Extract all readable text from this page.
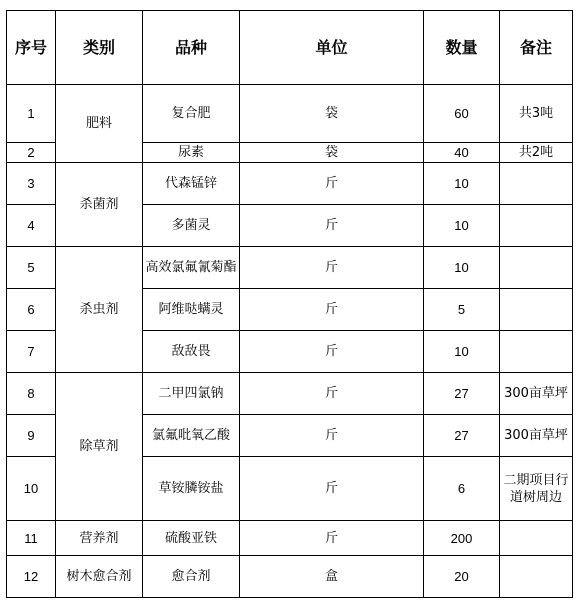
序号	类别	品种	单位	数量	备注
1	肥料	复合肥	袋	60	共3吨
2		尿素	袋	40	共2吨
3	杀菌剂	代森锰锌	斤	10	
4		多菌灵	斤	10	
5	杀虫剂	高效氯氟氰菊酯	斤	10	
6		阿维哒螨灵	斤	5	
7		敌敌畏	斤	10	
8	除草剂	二甲四氯钠	斤	27	300亩草坪
9		氯氟吡氧乙酸	斤	27	300亩草坪
10		草铵膦铵盐	斤	6	二期项目行道树周边
11	营养剂	硫酸亚铁	斤	200	
12	树木愈合剂	愈合剂	盒	20	
